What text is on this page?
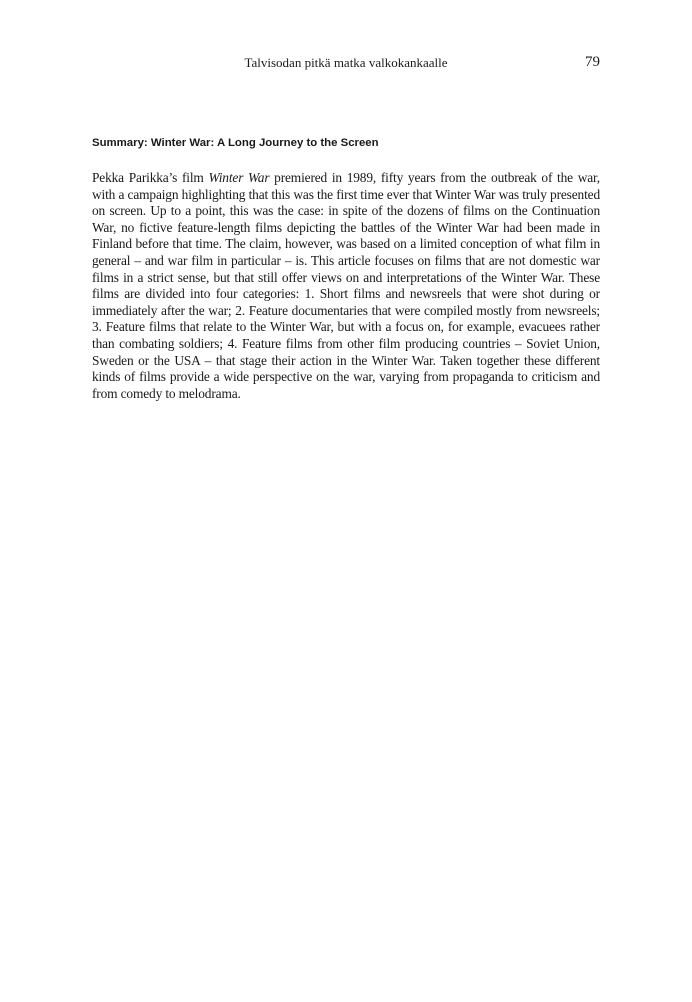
Talvisodan pitkä matka valkokankaalle	79
Summary: Winter War: A Long Journey to the Screen

Pekka Parikka’s film Winter War premiered in 1989, fifty years from the outbreak of the war, with a campaign highlighting that this was the first time ever that Winter War was truly presented on screen. Up to a point, this was the case: in spite of the dozens of films on the Continuation War, no fictive feature-length films depicting the battles of the Winter War had been made in Finland before that time. The claim, however, was based on a limited conception of what film in general – and war film in particular – is. This article focuses on films that are not domestic war films in a strict sense, but that still offer views on and interpretations of the Winter War. These films are divided into four categories: 1. Short films and newsreels that were shot during or immediately after the war; 2. Feature documentaries that were compiled mostly from newsreels; 3. Feature films that relate to the Winter War, but with a focus on, for example, evacuees rather than combating soldiers; 4. Feature films from other film producing countries – Soviet Union, Sweden or the USA – that stage their action in the Winter War. Taken together these different kinds of films provide a wide perspective on the war, varying from propaganda to criticism and from comedy to melodrama.
